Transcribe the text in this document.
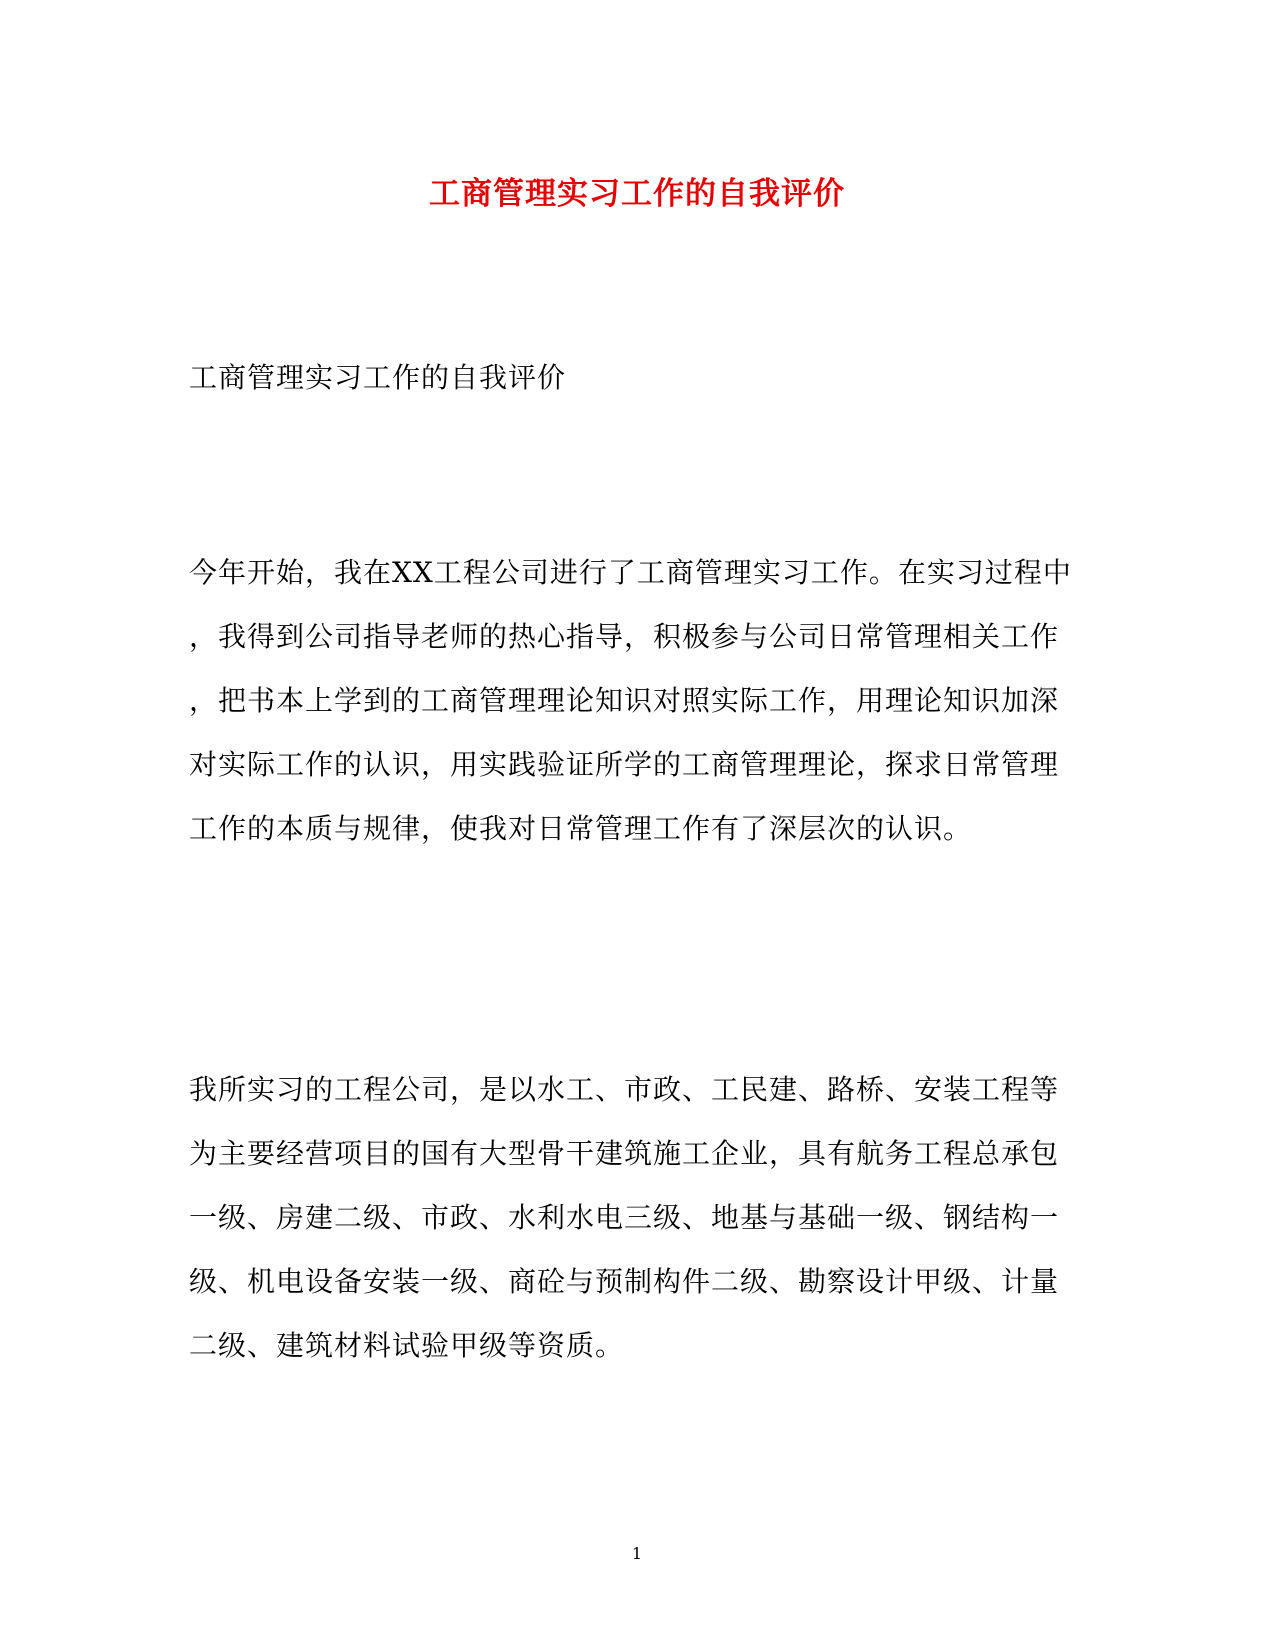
工商管理实习工作的自我评价
工商管理实习工作的自我评价
今年开始，我在XX工程公司进行了工商管理实习工作。在实习过程中
，我得到公司指导老师的热心指导，积极参与公司日常管理相关工作
，把书本上学到的工商管理理论知识对照实际工作，用理论知识加深
对实际工作的认识，用实践验证所学的工商管理理论，探求日常管理
工作的本质与规律，使我对日常管理工作有了深层次的认识。
我所实习的工程公司，是以水工、市政、工民建、路桥、安装工程等
为主要经营项目的国有大型骨干建筑施工企业，具有航务工程总承包
一级、房建二级、市政、水利水电三级、地基与基础一级、钢结构一
级、机电设备安装一级、商砼与预制构件二级、勘察设计甲级、计量
二级、建筑材料试验甲级等资质。
1
